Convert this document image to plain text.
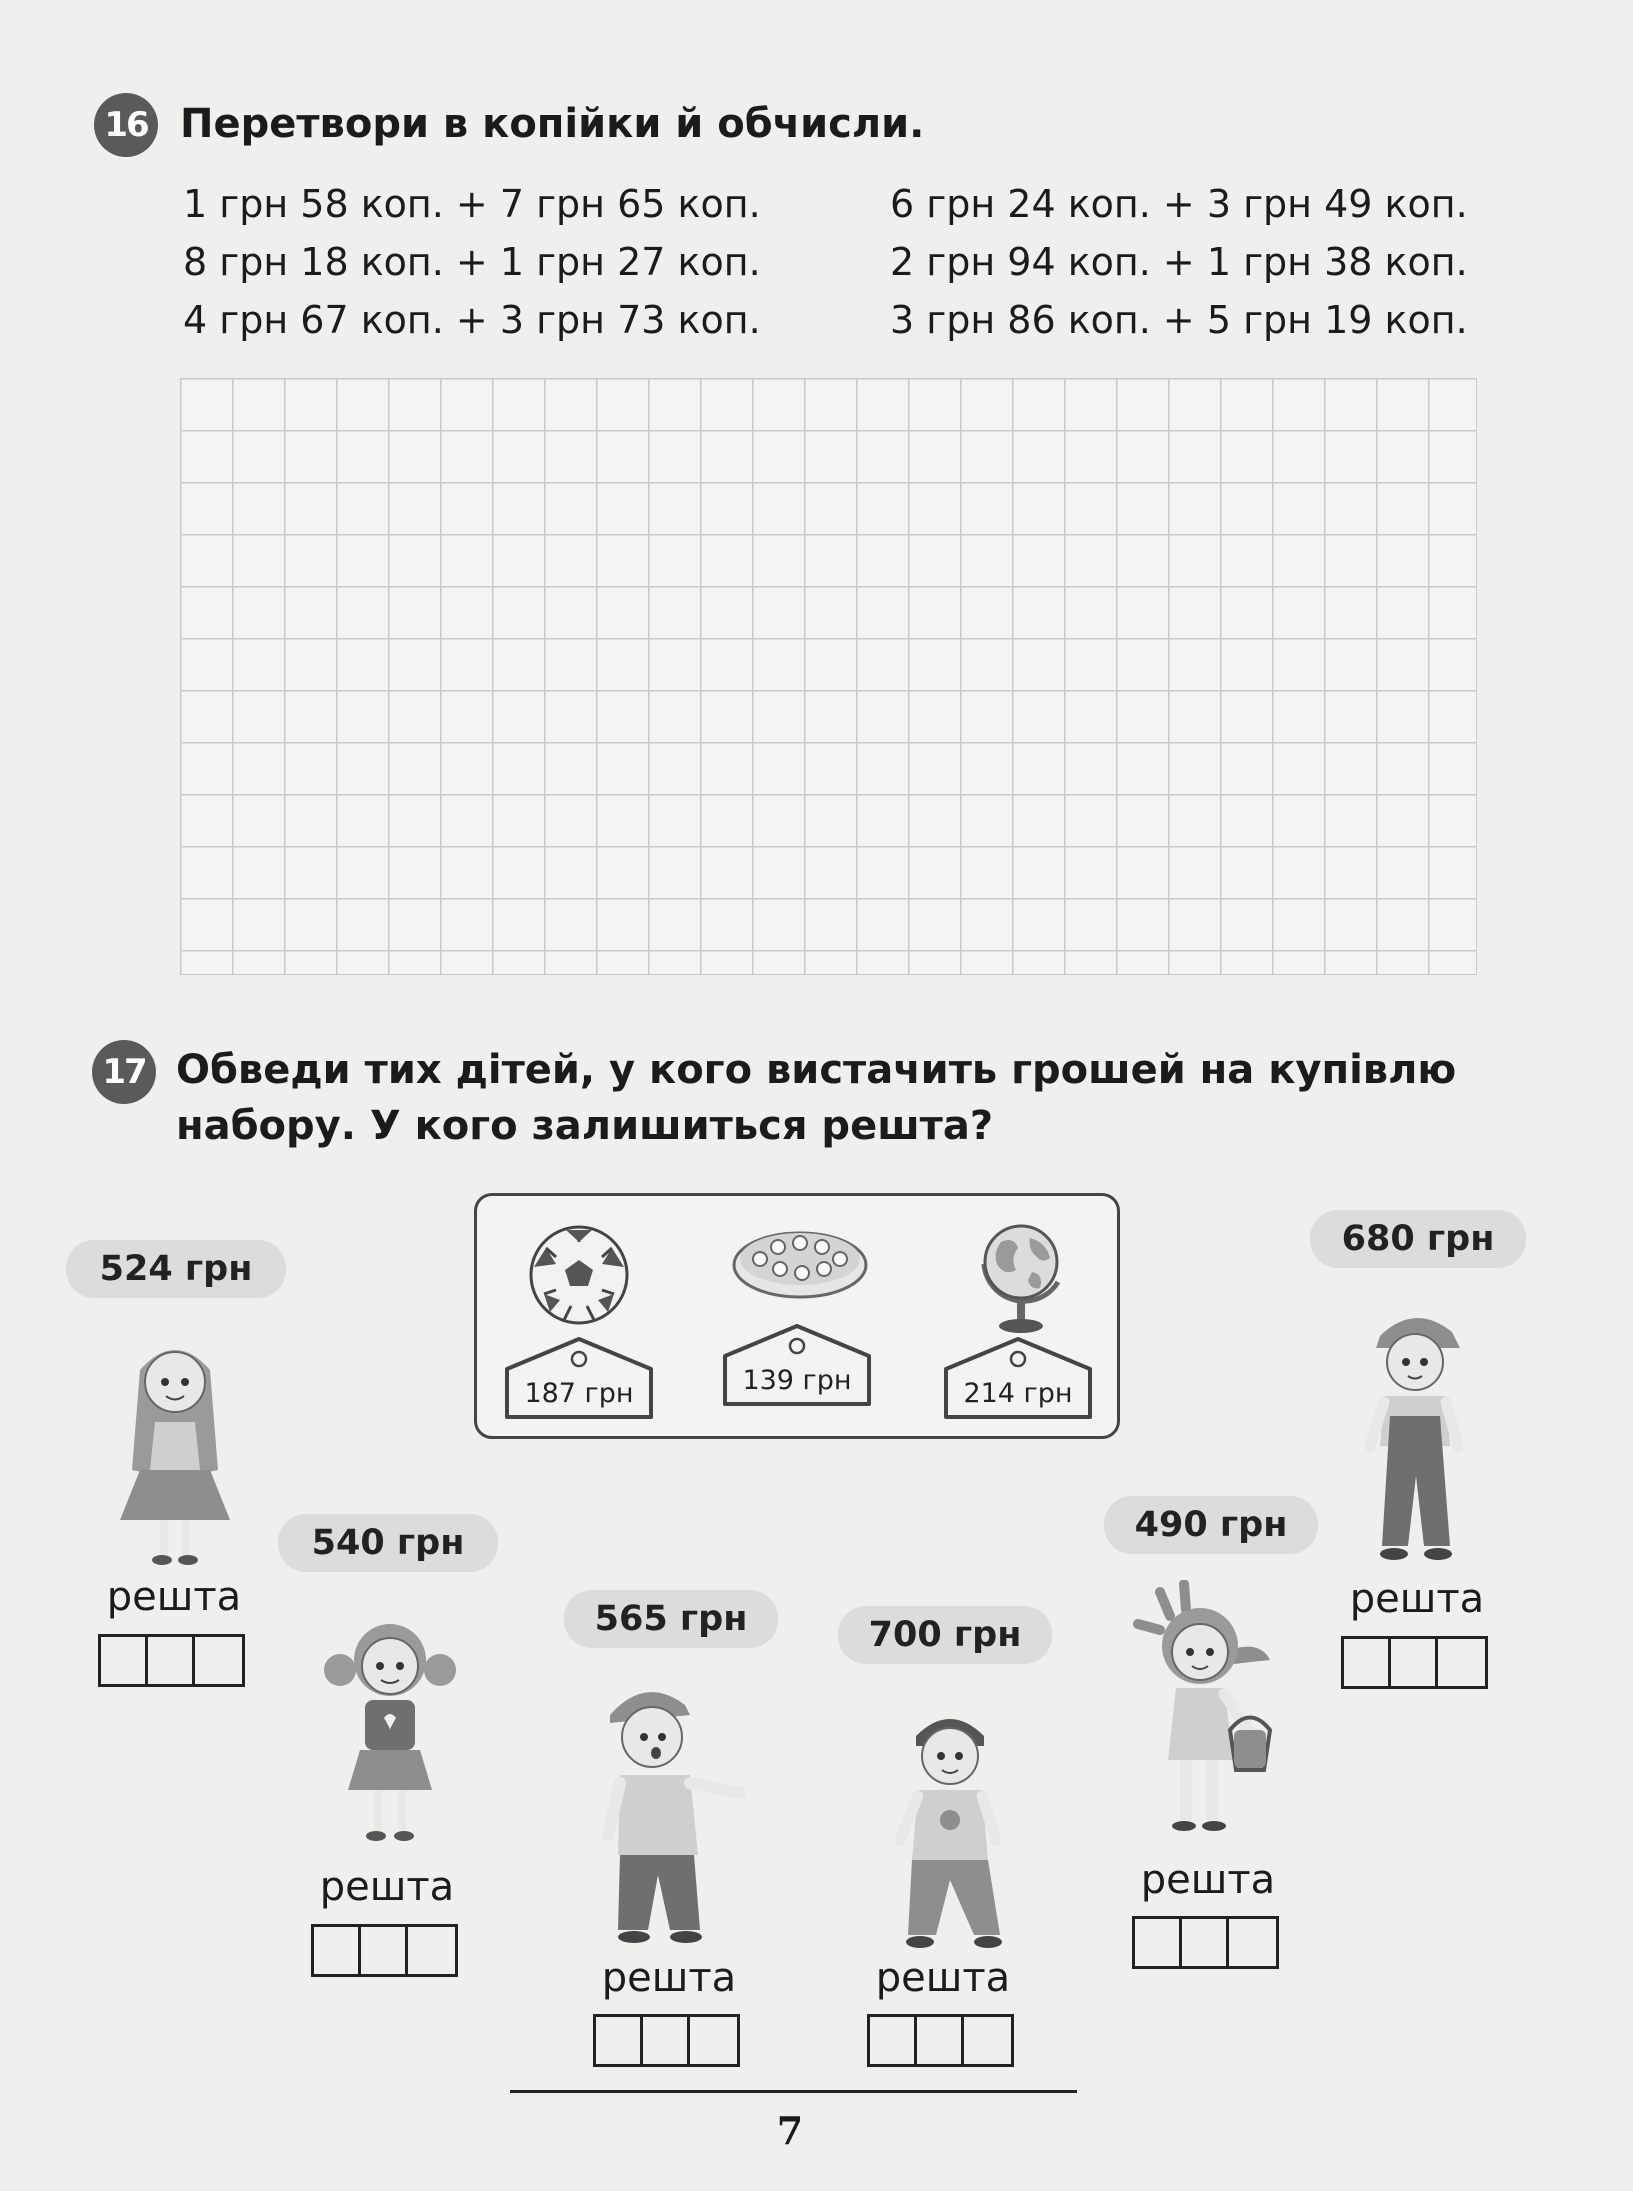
16 Перетвори в копійки й обчисли.
1 грн 58 коп. + 7 грн 65 коп.
8 грн 18 коп. + 1 грн 27 коп.
4 грн 67 коп. + 3 грн 73 коп.
6 грн 24 коп. + 3 грн 49 коп.
2 грн 94 коп. + 1 грн 38 коп.
3 грн 86 коп. + 5 грн 19 коп.
17 Обведи тих дітей, у кого вистачить грошей на купівлю
набору. У кого залишиться решта?
187 грн	139 грн	214 грн
524 грн
решта
540 грн
решта
565 грн
решта
700 грн
решта
490 грн
решта
680 грн
решта
7
